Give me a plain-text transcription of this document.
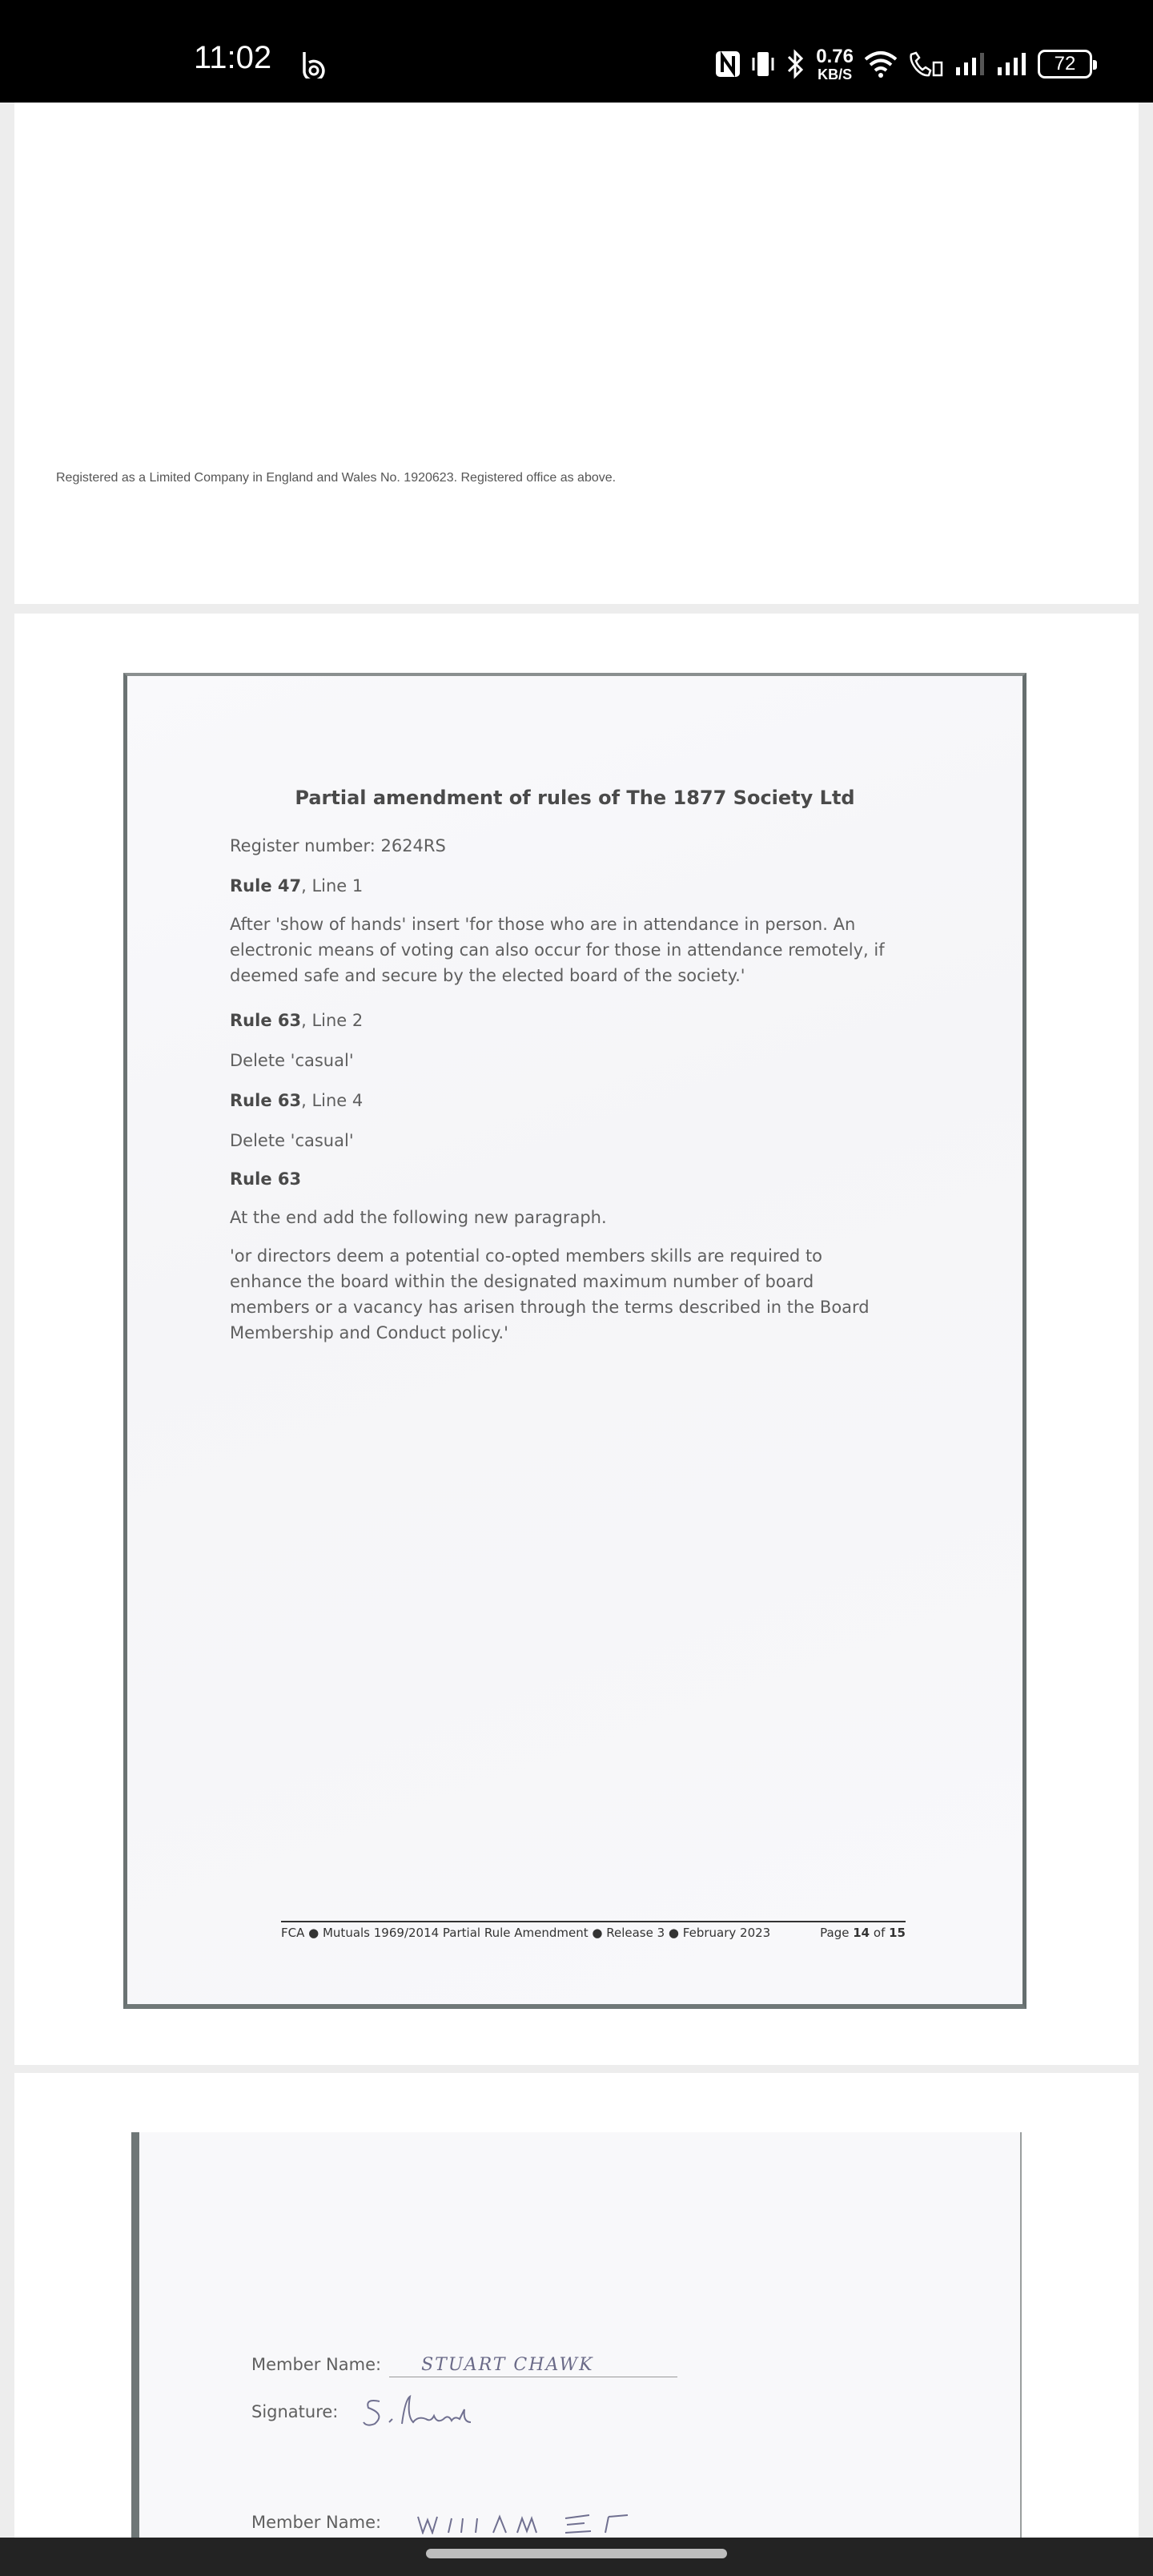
11:02	0.76
KB/S	72
Registered as a Limited Company in England and Wales No. 1920623. Registered office as above.
Partial amendment of rules of The 1877 Society Ltd
Register number: 2624RS
Rule 47, Line 1
After 'show of hands' insert 'for those who are in attendance in person. An electronic means of voting can also occur for those in attendance remotely, if deemed safe and secure by the elected board of the society.'
Rule 63, Line 2
Delete 'casual'
Rule 63, Line 4
Delete 'casual'
Rule 63
At the end add the following new paragraph.
'or directors deem a potential co-opted members skills are required to enhance the board within the designated maximum number of board members or a vacancy has arisen through the terms described in the Board Membership and Conduct policy.'
FCA ● Mutuals 1969/2014 Partial Rule Amendment ● Release 3 ● February 2023	Page 14 of 15
Member Name: STUART CHAWK
Signature:
Member Name:
